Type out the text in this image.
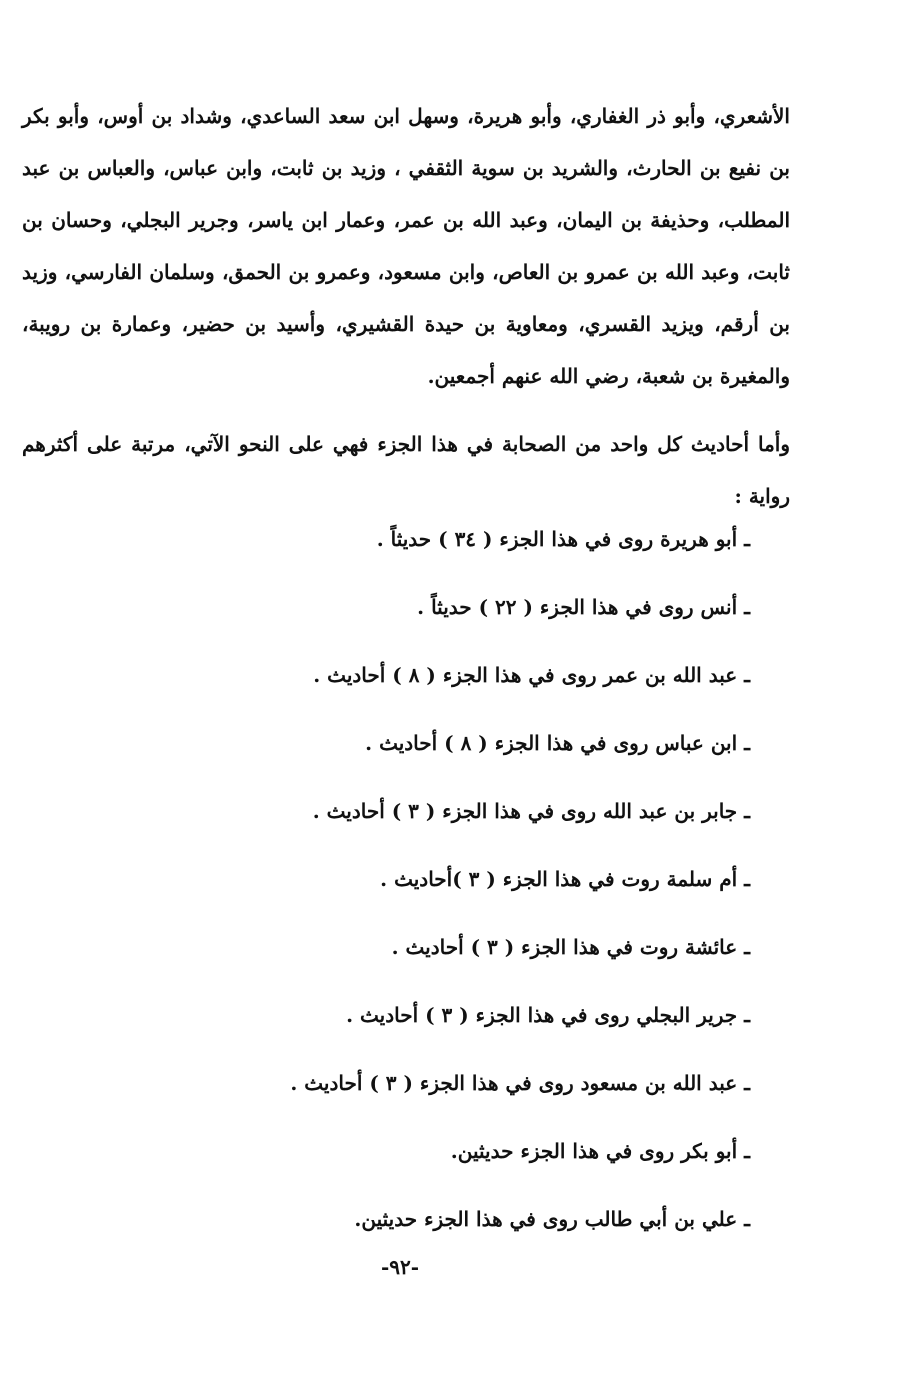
الأشعري، وأبو ذر الغفاري، وأبو هريرة، وسهل ابن سعد الساعدي، وشداد بن أوس، وأبو بكر بن نفيع بن الحارث، والشريد بن سوية الثقفي ، وزيد بن ثابت، وابن عباس، والعباس بن عبد المطلب، وحذيفة بن اليمان، وعبد الله بن عمر، وعمار ابن ياسر، وجرير البجلي، وحسان بن ثابت، وعبد الله بن عمرو بن العاص، وابن مسعود، وعمرو بن الحمق، وسلمان الفارسي، وزيد بن أرقم، ويزيد القسري، ومعاوية بن حيدة القشيري، وأسيد بن حضير، وعمارة بن رويبة، والمغيرة بن شعبة، رضي الله عنهم أجمعين.

وأما أحاديث كل واحد من الصحابة في هذا الجزء فهي على النحو الآتي، مرتبة على أكثرهم رواية :

ـ أبو هريرة روى في هذا الجزء ( ٣٤ ) حديثاً .
ـ أنس روى في هذا الجزء ( ٢٢ ) حديثاً .
ـ عبد الله بن عمر روى في هذا الجزء ( ٨ ) أحاديث .
ـ ابن عباس روى في هذا الجزء ( ٨ ) أحاديث .
ـ جابر بن عبد الله روى في هذا الجزء ( ٣ ) أحاديث .
ـ أم سلمة روت في هذا الجزء ( ٣ )أحاديث .
ـ عائشة روت في هذا الجزء ( ٣ ) أحاديث .
ـ جرير البجلي روى في هذا الجزء ( ٣ ) أحاديث .
ـ عبد الله بن مسعود روى في هذا الجزء ( ٣ ) أحاديث .
ـ أبو بكر روى في هذا الجزء حديثين.
ـ علي بن أبي طالب روى في هذا الجزء حديثين.
-٩٢-
